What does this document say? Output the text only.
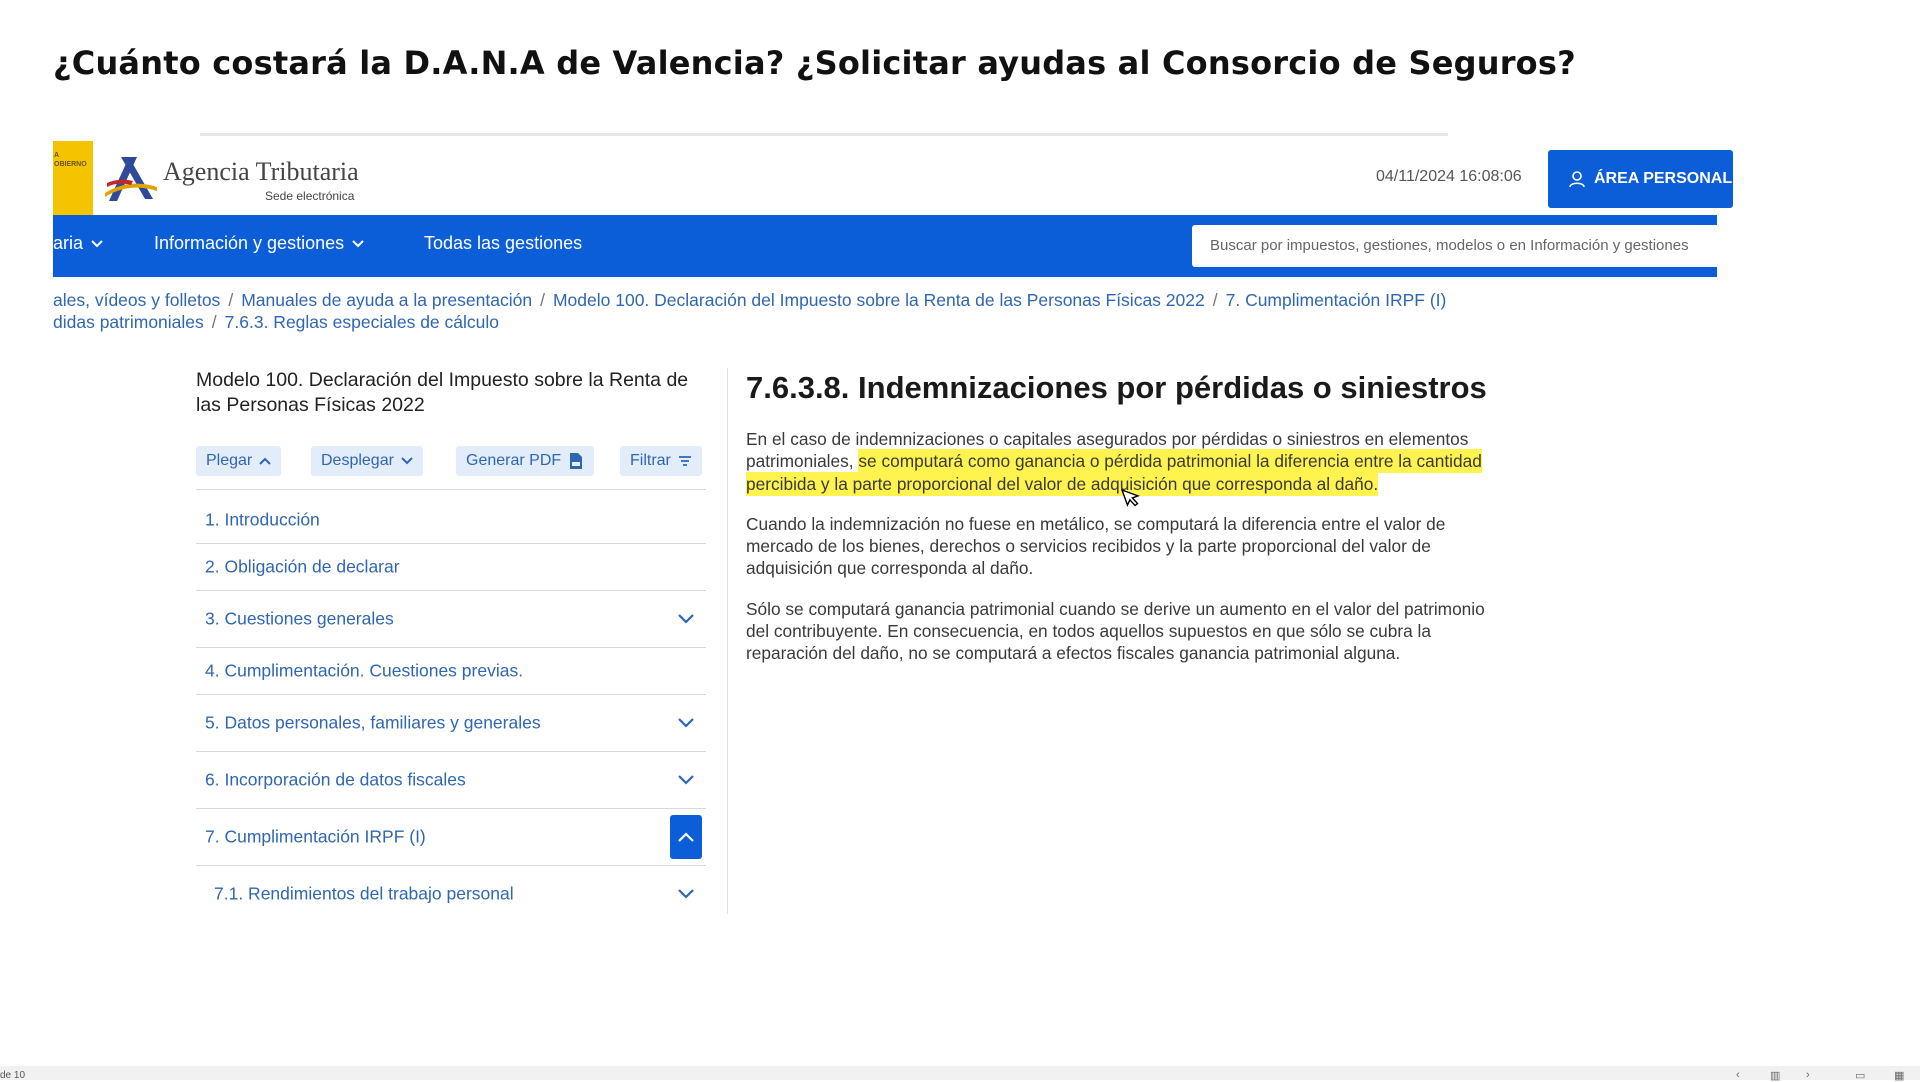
¿Cuánto costará la D.A.N.A de Valencia? ¿Solicitar ayudas al Consorcio de Seguros?
A
OBIERNO	Agencia Tributaria
Sede electrónica
04/11/2024 16:08:06	ÁREA PERSONAL
aria	Información y gestiones	Todas las gestiones
Buscar por impuestos, gestiones, modelos o en Información y gestiones
ales, vídeos y folletos / Manuales de ayuda a la presentación / Modelo 100. Declaración del Impuesto sobre la Renta de las Personas Físicas 2022 / 7. Cumplimentación IRPF (I)
didas patrimoniales / 7.6.3. Reglas especiales de cálculo

Modelo 100. Declaración del Impuesto sobre la Renta de las Personas Físicas 2022

Plegar	Desplegar	Generar PDF	Filtrar
1. Introducción
2. Obligación de declarar
3. Cuestiones generales
4. Cumplimentación. Cuestiones previas.
5. Datos personales, familiares y generales
6. Incorporación de datos fiscales
7. Cumplimentación IRPF (I)
7.1. Rendimientos del trabajo personal
7.6.3.8. Indemnizaciones por pérdidas o siniestros

En el caso de indemnizaciones o capitales asegurados por pérdidas o siniestros en elementos patrimoniales, se computará como ganancia o pérdida patrimonial la diferencia entre la cantidad percibida y la parte proporcional del valor de adquisición que corresponda al daño.

Cuando la indemnización no fuese en metálico, se computará la diferencia entre el valor de mercado de los bienes, derechos o servicios recibidos y la parte proporcional del valor de adquisición que corresponda al daño.

Sólo se computará ganancia patrimonial cuando se derive un aumento en el valor del patrimonio del contribuyente. En consecuencia, en todos aquellos supuestos en que sólo se cubra la reparación del daño, no se computará a efectos fiscales ganancia patrimonial alguna.

de 10	‹	▥ ›	▭	▦
